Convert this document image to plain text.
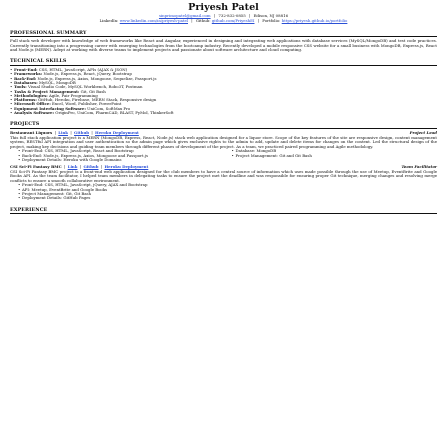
Priyesh Patel
sinprimopatel@gmail.com | 732-832-0855 | Edison, NJ 08816
LinkedIn: www.linkedin.com/in/priyesh-patel | Github: github.com/PriyeshEI | Portfolio: https://priyesh.github.io/portfolio
PROFESSIONAL SUMMARY

Full stack web developer with knowledge of web frameworks like React and Angular, experienced in designing and integrating web applications with database services (MySQL/MongoDB) and test code practices. Currently transitioning into a progressing career with emerging technologies from the bootcamp industry. Recently developed a mobile responsive CSS website for a small business with MongoDB, Express.js, React and Node.js (MERN). Adept at working with diverse teams to implement projects and passionate about software architecture and cloud computing.

TECHNICAL SKILLS
• Front-End: CSS, HTML, JavaScript, APIs (AJAX & JSON)
• Frameworks: Node.js, Express.js, React, jQuery, Bootstrap
• Back-End: Node.js, Express.js, Axios, Mongoose, Sequelize, Passport.js
• Databases: MySQL, MongoDB
• Tools: Visual Studio Code, MySQL Workbench, Robo3T, Postman
• Tasks & Project Management: Git, Git Bash
• Methodologies: Agile, Pair Programming
• Platforms: GitHub, Heroku, Firebase, MERN Stack, Responsive design
• Microsoft Office: Excel, Word, Publisher, PowerPoint
• Equipment Interfacing Software: UniCom, SoftMax Pro
• Analysis Software: OriginPro, UniCom, PharmCAD, BLAST, PyMol, ThinkerSoft
PROJECTS
Restaurant Liquors | Link | Github | Heroku Deployment	Project Lead

This full stack application project is a MERN (MongoDB, Express, React, Node.js) stack web application designed for a liquor store. Scope of the key features of the site are responsive design, content management system, RESTful API integration and user authentication so the admin page which gives exclusive rights to the admin to add, update and delete items for changes on the content. Led the structural design of the project, making key decisions and guiding team members through different phases of development of the project. As a team, we practiced paired programming and Agile methodology.

• Front-End: CSS, HTML, JavaScript, React and Bootstrap	• Database: MongoDB
• Back-End: Node.js, Express.js, Axios, Mongoose and Passport.js	• Project Management: Git and Git Bash
• Deployment Details: Heroku with Google Domains
CSI Sci-Fi Fantasy BMC | Link | Github | Heroku Deployment	Team Facilitator

CSI Sci-Fi Fantasy BMC project is a front-end web application designed for the club members to have a central source of information which uses made possible through the use of Meetup, EventBrite and Google Books API. As the team facilitator, I helped team members in delegating tasks to ensure the project met the deadline and was responsible for ensuring proper Git technique, merging changes and resolving merge conflicts to ensure a smooth collaborative environment.

• Front-End: CSS, HTML, JavaScript, jQuery, AJAX and Bootstrap
• API: Meetup, EventBrite and Google Books
• Project Management: Git, Git Bash
• Deployment Details: GitHub Pages
EXPERIENCE
